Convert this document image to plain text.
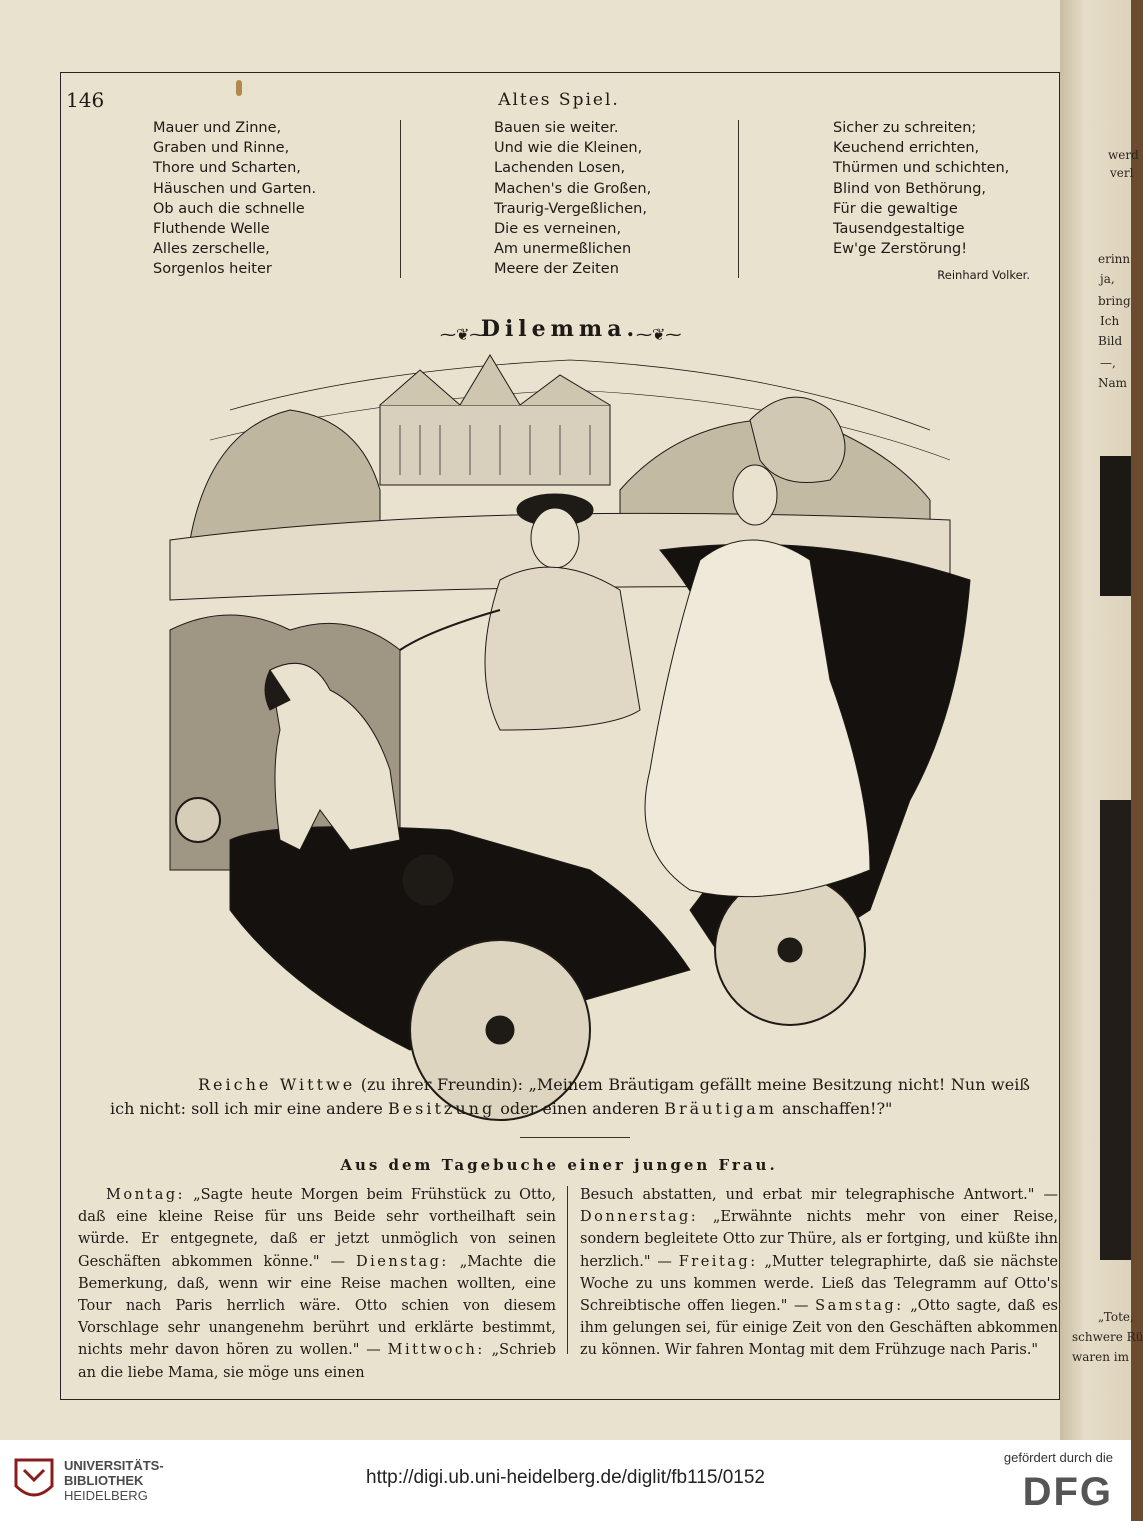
werd
verl
erinn
ja,
bring
Ich
Bild
—,
Nam
„Tote,
schwere Rü
waren im
146	Altes Spiel.
Mauer und Zinne,
Graben und Rinne,
Thore und Scharten,
Häuschen und Garten.
Ob auch die schnelle
Fluthende Welle
Alles zerschelle,
Sorgenlos heiter
Bauen sie weiter.
Und wie die Kleinen,
Lachenden Losen,
Machen's die Großen,
Traurig-Vergeßlichen,
Die es verneinen,
Am unermeßlichen
Meere der Zeiten
Sicher zu schreiten;
Keuchend errichten,
Thürmen und schichten,
Blind von Bethörung,
Für die gewaltige
Tausendgestaltige
Ew'ge Zerstörung!
Reinhard Volker.
⁓❦⁓
Dilemma.
⁓❦⁓
Reiche Wittwe (zu ihrer Freundin): „Meinem Bräutigam gefällt meine Besitzung nicht! Nun weiß ich nicht: soll ich mir eine andere Besitzung oder einen anderen Bräutigam anschaffen!?"
Aus dem Tagebuche einer jungen Frau.
Montag: „Sagte heute Morgen beim Frühstück zu Otto, daß eine kleine Reise für uns Beide sehr vortheilhaft sein würde. Er entgegnete, daß er jetzt unmöglich von seinen Geschäften abkommen könne." — Dienstag: „Machte die Bemerkung, daß, wenn wir eine Reise machen wollten, eine Tour nach Paris herrlich wäre. Otto schien von diesem Vorschlage sehr unangenehm berührt und erklärte bestimmt, nichts mehr davon hören zu wollen." — Mittwoch: „Schrieb an die liebe Mama, sie möge uns einen
Besuch abstatten, und erbat mir telegraphische Antwort." — Donnerstag: „Erwähnte nichts mehr von einer Reise, sondern begleitete Otto zur Thüre, als er fortging, und küßte ihn herzlich." — Freitag: „Mutter telegraphirte, daß sie nächste Woche zu uns kommen werde. Ließ das Telegramm auf Otto's Schreibtische offen liegen." — Samstag: „Otto sagte, daß es ihm gelungen sei, für einige Zeit von den Geschäften abkommen zu können. Wir fahren Montag mit dem Frühzuge nach Paris."
UNIVERSITÄTS-
BIBLIOTHEK
HEIDELBERG
http://digi.ub.uni-heidelberg.de/diglit/fb115/0152
gefördert durch die
DFG
